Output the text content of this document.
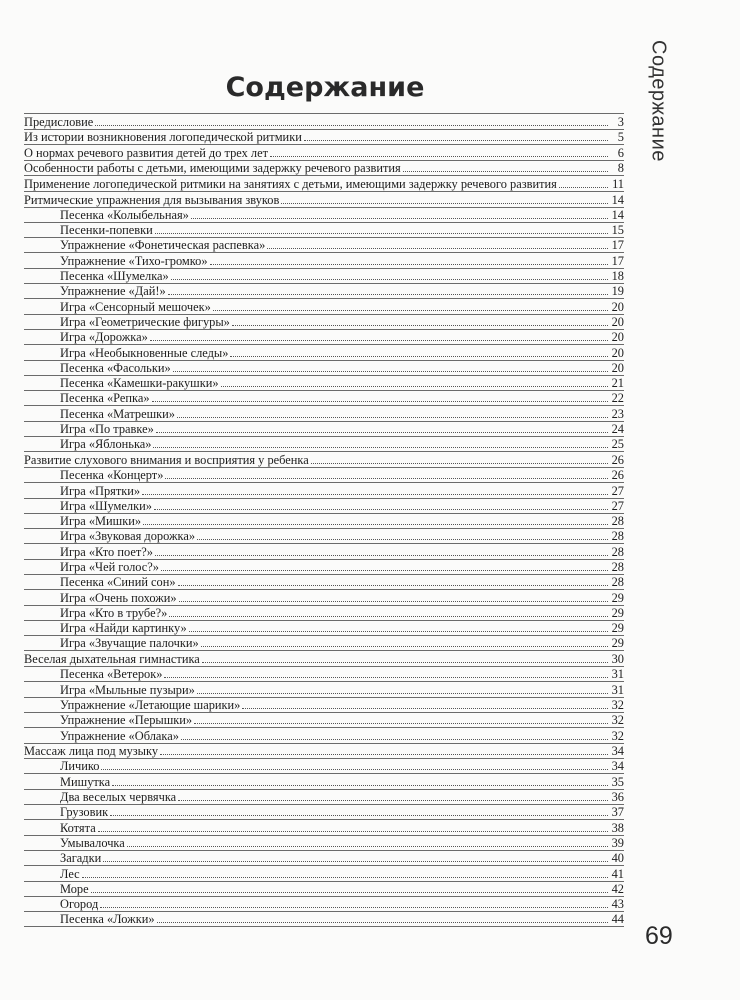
Содержание
Содержание
Предисловие	3
Из истории возникновения логопедической ритмики	5
О нормах речевого развития детей до трех лет	6
Особенности работы с детьми, имеющими задержку речевого развития	8
Применение логопедической ритмики на занятиях с детьми, имеющими задержку речевого развития	11
Ритмические упражнения для вызывания звуков	14
Песенка «Колыбельная»	14
Песенки-попевки	15
Упражнение «Фонетическая распевка»	17
Упражнение «Тихо-громко»	17
Песенка «Шумелка»	18
Упражнение «Дай!»	19
Игра «Сенсорный мешочек»	20
Игра «Геометрические фигуры»	20
Игра «Дорожка»	20
Игра «Необыкновенные следы»	20
Песенка «Фасольки»	20
Песенка «Камешки-ракушки»	21
Песенка «Репка»	22
Песенка «Матрешки»	23
Игра «По травке»	24
Игра «Яблонька»	25
Развитие слухового внимания и восприятия у ребенка	26
Песенка «Концерт»	26
Игра «Прятки»	27
Игра «Шумелки»	27
Игра «Мишки»	28
Игра «Звуковая дорожка»	28
Игра «Кто поет?»	28
Игра «Чей голос?»	28
Песенка «Синий сон»	28
Игра «Очень похожи»	29
Игра «Кто в трубе?»	29
Игра «Найди картинку»	29
Игра «Звучащие палочки»	29
Веселая дыхательная гимнастика	30
Песенка «Ветерок»	31
Игра «Мыльные пузыри»	31
Упражнение «Летающие шарики»	32
Упражнение «Перышки»	32
Упражнение «Облака»	32
Массаж лица под музыку	34
Личико	34
Мишутка	35
Два веселых червячка	36
Грузовик	37
Котята	38
Умывалочка	39
Загадки	40
Лес	41
Море	42
Огород	43
Песенка «Ложки»	44
69
